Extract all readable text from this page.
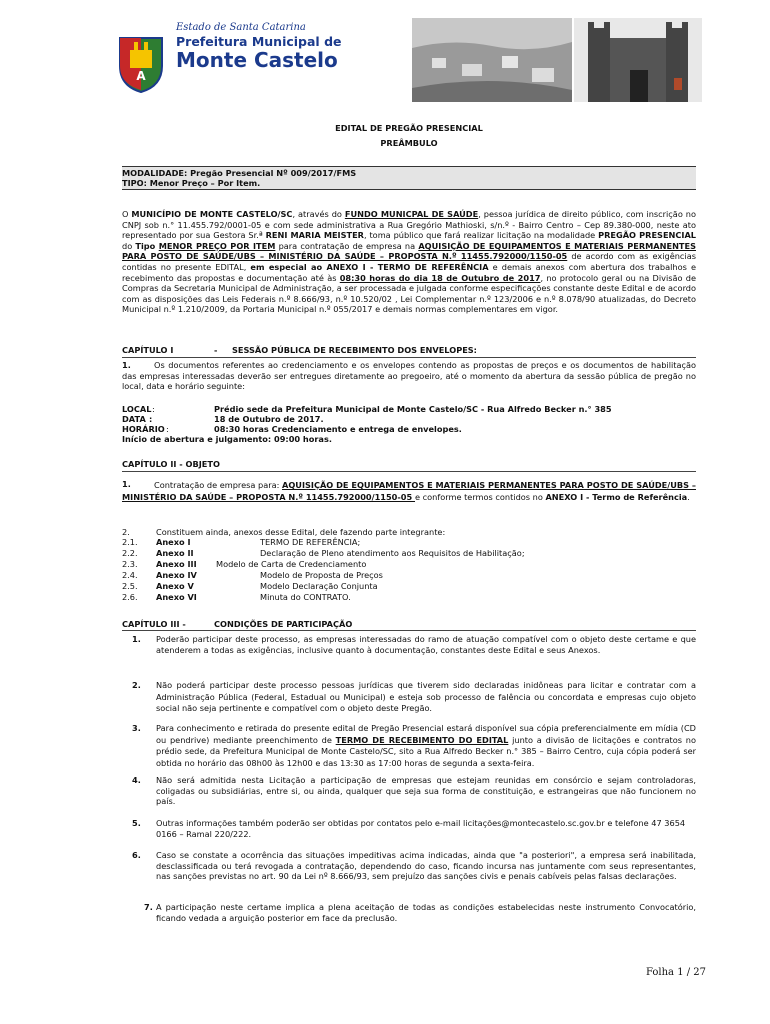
A
Estado de Santa Catarina
Prefeitura Municipal de
Monte Castelo
EDITAL DE PREGÃO PRESENCIAL
PREÂMBULO
MODALIDADE: Pregão Presencial Nº 009/2017/FMS
TIPO: Menor Preço – Por Item.
O MUNICÍPIO DE MONTE CASTELO/SC, através do FUNDO MUNICPAL DE SAÚDE, pessoa jurídica de direito público, com inscrição no CNPJ sob n.° 11.455.792/0001-05 e com sede administrativa a Rua Gregório Mathioski, s/n.º - Bairro Centro – Cep 89.380-000, neste ato representado por sua Gestora Sr.ª RENI MARIA MEISTER, toma público que fará realizar licitação na modalidade PREGÃO PRESENCIAL do Tipo MENOR PREÇO POR ITEM para contratação de empresa na AQUISIÇÃO DE EQUIPAMENTOS E MATERIAIS PERMANENTES PARA POSTO DE SAÚDE/UBS – MINISTÉRIO DA SAÚDE – PROPOSTA N.º 11455.792000/1150-05 de acordo com as exigências contidas no presente EDITAL, em especial ao ANEXO I - TERMO DE REFERÊNCIA e demais anexos com abertura dos trabalhos e recebimento das propostas e documentação até às 08:30 horas do dia 18 de Outubro de 2017, no protocolo geral ou na Divisão de Compras da Secretaria Municipal de Administração, a ser processada e julgada conforme especificações constante deste Edital e de acordo com as disposições das Leis Federais n.º 8.666/93, n.º 10.520/02 , Lei Complementar n.º 123/2006 e n.º 8.078/90 atualizadas, do Decreto Municipal n.º 1.210/2009, da Portaria Municipal n.º 055/2017 e demais normas complementares em vigor.
CAPÍTULO I	- SESSÃO PÚBLICA DE RECEBIMENTO DOS ENVELOPES:
1.	Os documentos referentes ao credenciamento e os envelopes contendo as propostas de preços e os documentos de habilitação das empresas interessadas deverão ser entregues diretamente ao pregoeiro, até o momento da abertura da sessão pública de pregão no local, data e horário seguinte:
LOCAL :	Prédio sede da Prefeitura Municipal de Monte Castelo/SC - Rua Alfredo Becker n.° 385
DATA :	18 de Outubro de 2017.
HORÁRIO :	08:30 horas Credenciamento e entrega de envelopes.
Início de abertura e julgamento: 09:00 horas.
CAPÍTULO II - OBJETO
1.	Contratação de empresa para: AQUISIÇÃO DE EQUIPAMENTOS E MATERIAIS PERMANENTES PARA POSTO DE SAÚDE/UBS – MINISTÉRIO DA SAÚDE – PROPOSTA N.º 11455.792000/1150-05 e conforme termos contidos no ANEXO I - Termo de Referência.
2.	Constituem ainda, anexos desse Edital, dele fazendo parte integrante:
2.1. Anexo I	TERMO DE REFERÊNCIA;
2.2. Anexo II	Declaração de Pleno atendimento aos Requisitos de Habilitação;
2.3. Anexo III Modelo de Carta de Credenciamento
2.4. Anexo IV	Modelo de Proposta de Preços
2.5. Anexo V	Modelo Declaração Conjunta
2.6. Anexo VI	Minuta do CONTRATO.
CAPÍTULO III -	CONDIÇÕES DE PARTICIPAÇÃO
1. Poderão participar deste processo, as empresas interessadas do ramo de atuação compatível com o objeto deste certame e que atenderem a todas as exigências, inclusive quanto à documentação, constantes deste Edital e seus Anexos.
2. Não poderá participar deste processo pessoas jurídicas que tiverem sido declaradas inidôneas para licitar e contratar com a Administração Pública (Federal, Estadual ou Municipal) e esteja sob processo de falência ou concordata e empresas cujo objeto social não seja pertinente e compatível com o objeto deste Pregão.
3. Para conhecimento e retirada do presente edital de Pregão Presencial estará disponível sua cópia preferencialmente em mídia (CD ou pendrive) mediante preenchimento de TERMO DE RECEBIMENTO DO EDITAL junto a divisão de licitações e contratos no prédio sede, da Prefeitura Municipal de Monte Castelo/SC, sito a Rua Alfredo Becker n.° 385 – Bairro Centro, cuja cópia poderá ser obtida no horário das 08h00 às 12h00 e das 13:30 as 17:00 horas de segunda a sexta-feira.
4. Não será admitida nesta Licitação a participação de empresas que estejam reunidas em consórcio e sejam controladoras, coligadas ou subsidiárias, entre si, ou ainda, qualquer que seja sua forma de constituição, e estrangeiras que não funcionem no país.
5. Outras informações também poderão ser obtidas por contatos pelo e-mail licitações@montecastelo.sc.gov.br e telefone 47 3654 0166 – Ramal 220/222.
6. Caso se constate a ocorrência das situações impeditivas acima indicadas, ainda que "a posteriori", a empresa será inabilitada, desclassificada ou terá revogada a contratação, dependendo do caso, ficando incursa nas juntamente com seus representantes, nas sanções previstas no art. 90 da Lei nº 8.666/93, sem prejuízo das sanções civis e penais cabíveis pelas falsas declarações.
7. A participação neste certame implica a plena aceitação de todas as condições estabelecidas neste instrumento Convocatório, ficando vedada a arguição posterior em face da preclusão.
Folha 1 / 27
